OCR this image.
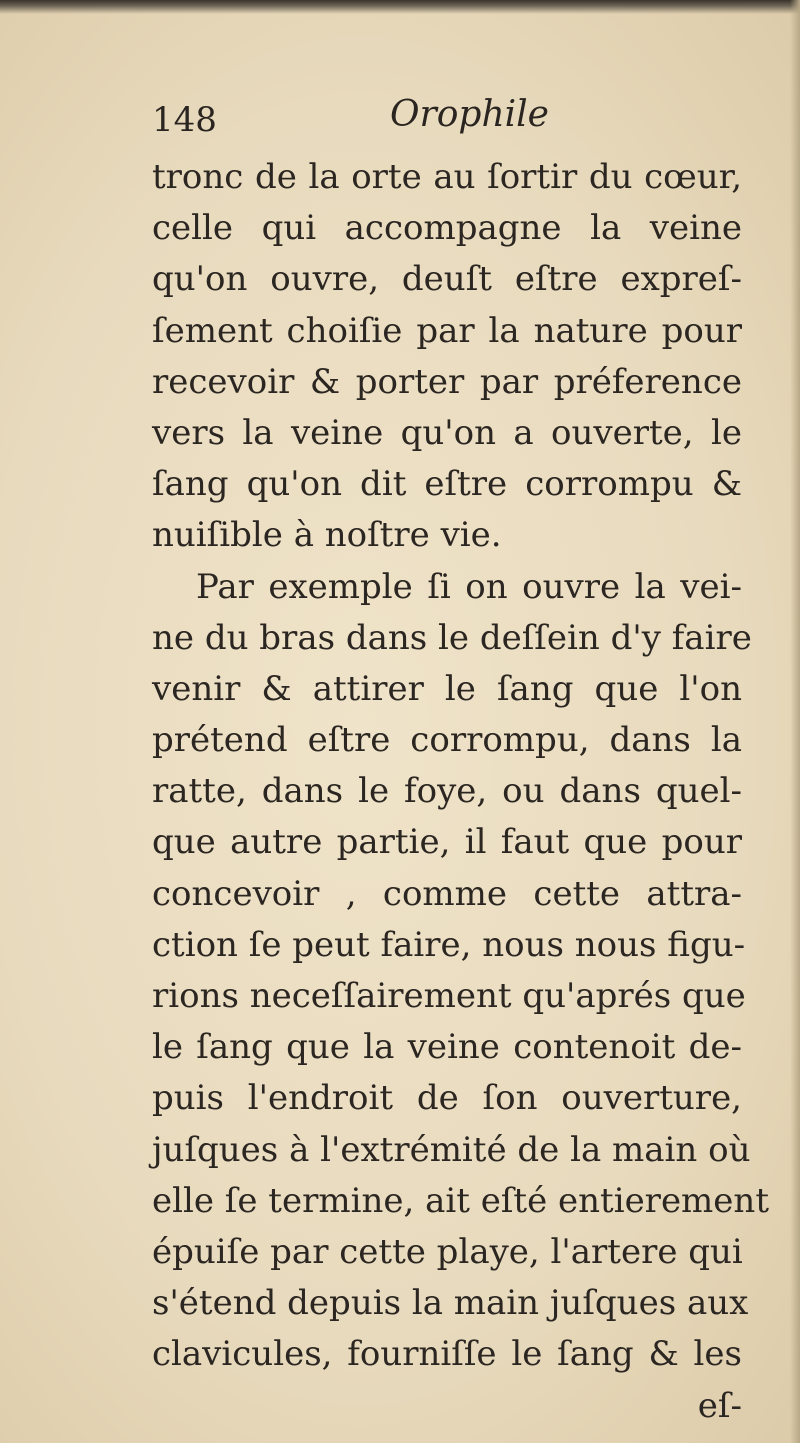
148	Orophile
tronc de la orte au ſortir du cœur,
celle qui accompagne la veine
qu'on ouvre, deuſt eſtre expreſ-
ſement choiſie par la nature pour
recevoir & porter par préference
vers la veine qu'on a ouverte, le
ſang qu'on dit eſtre corrompu &
nuiſible à noſtre vie.
Par exemple ſi on ouvre la vei-
ne du bras dans le deſſein d'y faire
venir & attirer le ſang que l'on
prétend eſtre corrompu, dans la
ratte, dans le foye, ou dans quel-
que autre partie, il faut que pour
concevoir , comme cette attra-
ction ſe peut faire, nous nous figu-
rions neceſſairement qu'aprés que
le ſang que la veine contenoit de-
puis l'endroit de ſon ouverture,
juſques à l'extrémité de la main où
elle ſe termine, ait eſté entierement
épuiſe par cette playe, l'artere qui
s'étend depuis la main juſques aux
clavicules, fourniſſe le ſang & les
eſ-
